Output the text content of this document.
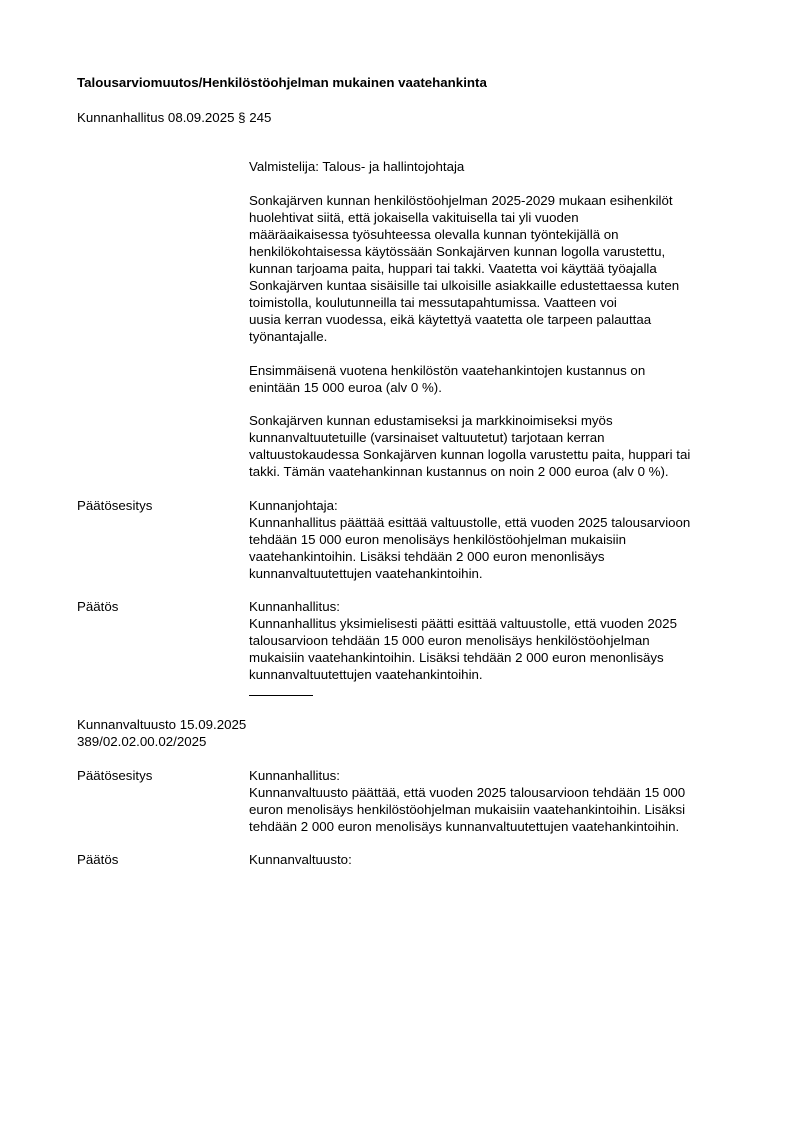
Talousarviomuutos/Henkilöstöohjelman mukainen vaatehankinta
Kunnanhallitus 08.09.2025 § 245
Valmistelija: Talous- ja hallintojohtaja
Sonkajärven kunnan henkilöstöohjelman 2025-2029 mukaan esihenkilöt
huolehtivat siitä, että jokaisella vakituisella tai yli vuoden
määräaikaisessa työsuhteessa olevalla kunnan työntekijällä on
henkilökohtaisessa käytössään Sonkajärven kunnan logolla varustettu,
kunnan tarjoama paita, huppari tai takki. Vaatetta voi käyttää työajalla
Sonkajärven kuntaa sisäisille tai ulkoisille asiakkaille edustettaessa kuten
toimistolla, koulutunneilla tai messutapahtumissa. Vaatteen voi
uusia kerran vuodessa, eikä käytettyä vaatetta ole tarpeen palauttaa
työnantajalle.
Ensimmäisenä vuotena henkilöstön vaatehankintojen kustannus on
enintään 15 000 euroa (alv 0 %).
Sonkajärven kunnan edustamiseksi ja markkinoimiseksi myös
kunnanvaltuutetuille (varsinaiset valtuutetut) tarjotaan kerran
valtuustokaudessa Sonkajärven kunnan logolla varustettu paita, huppari tai
takki. Tämän vaatehankinnan kustannus on noin 2 000 euroa (alv 0 %).
Päätösesitys	Kunnanjohtaja:
Kunnanhallitus päättää esittää valtuustolle, että vuoden 2025 talousarvioon
tehdään 15 000 euron menolisäys henkilöstöohjelman mukaisiin
vaatehankintoihin. Lisäksi tehdään 2 000 euron menonlisäys
kunnanvaltuutettujen vaatehankintoihin.
Päätös	Kunnanhallitus:
Kunnanhallitus yksimielisesti päätti esittää valtuustolle, että vuoden 2025
talousarvioon tehdään 15 000 euron menolisäys henkilöstöohjelman
mukaisiin vaatehankintoihin. Lisäksi tehdään 2 000 euron menonlisäys
kunnanvaltuutettujen vaatehankintoihin.
Kunnanvaltuusto 15.09.2025
389/02.02.00.02/2025
Päätösesitys	Kunnanhallitus:
Kunnanvaltuusto päättää, että vuoden 2025 talousarvioon tehdään 15 000
euron menolisäys henkilöstöohjelman mukaisiin vaatehankintoihin. Lisäksi
tehdään 2 000 euron menolisäys kunnanvaltuutettujen vaatehankintoihin.
Päätös	Kunnanvaltuusto:
